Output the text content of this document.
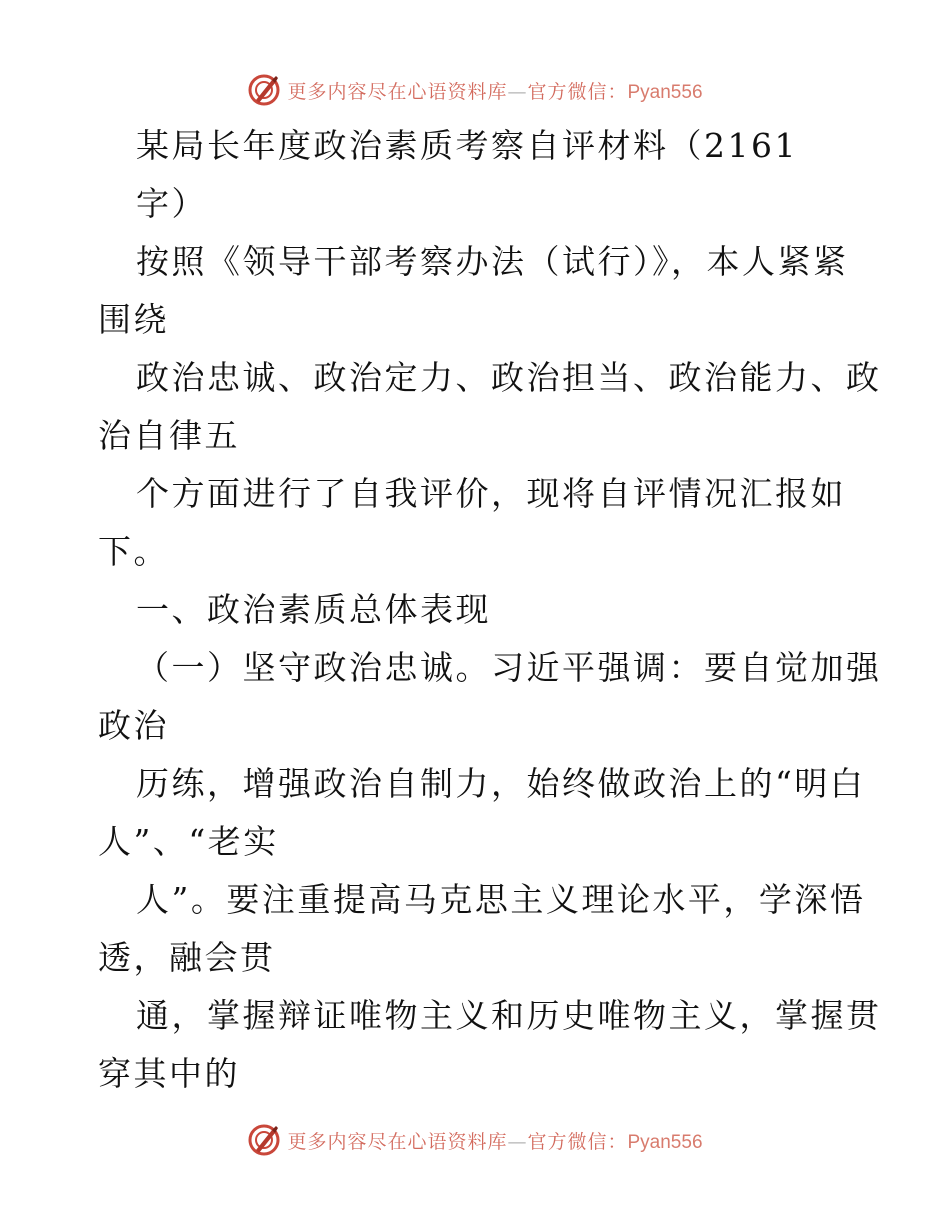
更多内容尽在心语资料库—官方微信：Pyan556

某局长年度政治素质考察自评材料（2161

字）

按照《领导干部考察办法（试行）》，本人紧紧

围绕

政治忠诚、政治定力、政治担当、政治能力、政

治自律五

个方面进行了自我评价，现将自评情况汇报如

下。

一、政治素质总体表现

（一）坚守政治忠诚。习近平强调：要自觉加强

政治

历练，增强政治自制力，始终做政治上的“明白

人”、“老实

人”。要注重提高马克思主义理论水平，学深悟

透，融会贯

通，掌握辩证唯物主义和历史唯物主义，掌握贯

穿其中的

更多内容尽在心语资料库—官方微信：Pyan556
